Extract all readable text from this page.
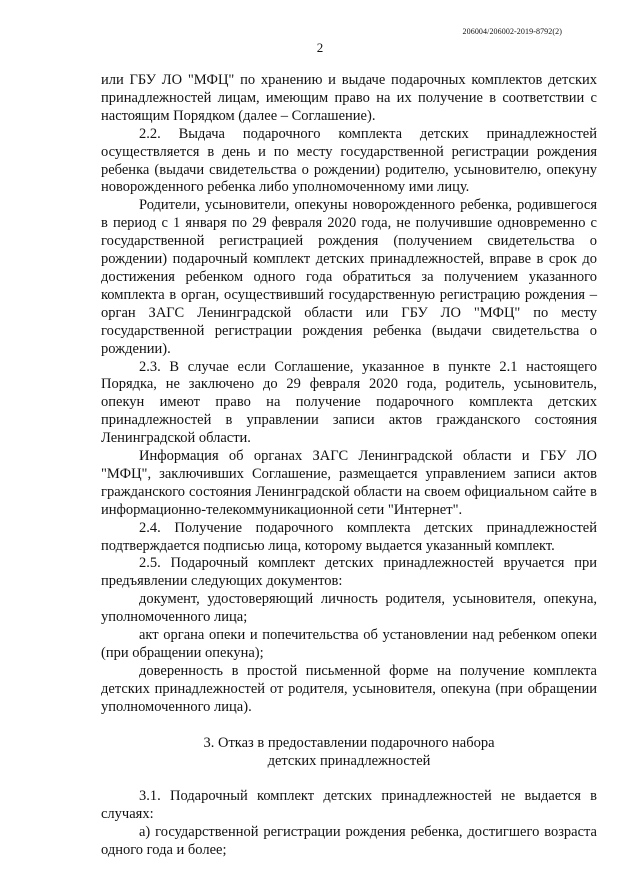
206004/206002-2019-8792(2)
2

или ГБУ ЛО "МФЦ" по хранению и выдаче подарочных комплектов детских принадлежностей лицам, имеющим право на их получение в соответствии с настоящим Порядком (далее – Соглашение).

2.2. Выдача подарочного комплекта детских принадлежностей осуществляется в день и по месту государственной регистрации рождения ребенка (выдачи свидетельства о рождении) родителю, усыновителю, опекуну новорожденного ребенка либо уполномоченному ими лицу.

Родители, усыновители, опекуны новорожденного ребенка, родившегося в период с 1 января по 29 февраля 2020 года, не получившие одновременно с государственной регистрацией рождения (получением свидетельства о рождении) подарочный комплект детских принадлежностей, вправе в срок до достижения ребенком одного года обратиться за получением указанного комплекта в орган, осуществивший государственную регистрацию рождения – орган ЗАГС Ленинградской области или ГБУ ЛО "МФЦ" по месту государственной регистрации рождения ребенка (выдачи свидетельства о рождении).

2.3. В случае если Соглашение, указанное в пункте 2.1 настоящего Порядка, не заключено до 29 февраля 2020 года, родитель, усыновитель, опекун имеют право на получение подарочного комплекта детских принадлежностей в управлении записи актов гражданского состояния Ленинградской области.

Информация об органах ЗАГС Ленинградской области и ГБУ ЛО "МФЦ", заключивших Соглашение, размещается управлением записи актов гражданского состояния Ленинградской области на своем официальном сайте в информационно-телекоммуникационной сети "Интернет".

2.4. Получение подарочного комплекта детских принадлежностей подтверждается подписью лица, которому выдается указанный комплект.

2.5. Подарочный комплект детских принадлежностей вручается при предъявлении следующих документов:

документ, удостоверяющий личность родителя, усыновителя, опекуна, уполномоченного лица;

акт органа опеки и попечительства об установлении над ребенком опеки (при обращении опекуна);

доверенность в простой письменной форме на получение комплекта детских принадлежностей от родителя, усыновителя, опекуна (при обращении уполномоченного лица).

3. Отказ в предоставлении подарочного набора
детских принадлежностей

3.1. Подарочный комплект детских принадлежностей не выдается в случаях:

а) государственной регистрации рождения ребенка, достигшего возраста одного года и более;
